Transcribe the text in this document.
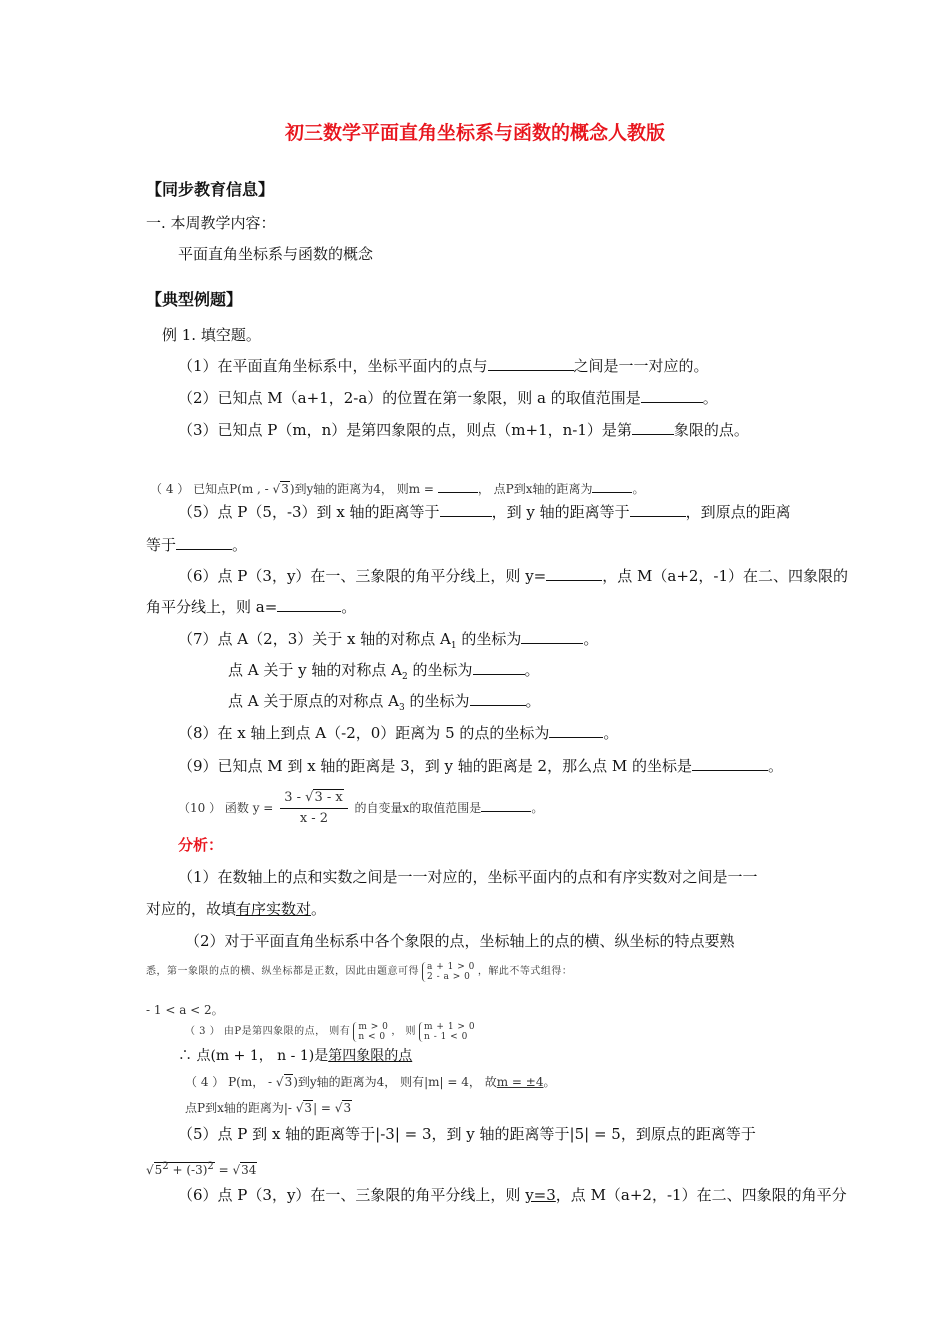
初三数学平面直角坐标系与函数的概念人教版
【同步教育信息】
一. 本周教学内容：
平面直角坐标系与函数的概念
【典型例题】
例 1. 填空题。
（1）在平面直角坐标系中，坐标平面内的点与	之间是一一对应的。
（2）已知点 M（a+1，2-a）的位置在第一象限，则 a 的取值范围是	。
（3）已知点 P（m，n）是第四象限的点，则点（m+1，n-1）是第	象限的点。
（ 4 ） 已知点P(m , - √3)到y轴的距离为4， 则m =	， 点P到x轴的距离为	。
（5）点 P（5，-3）到 x 轴的距离等于	，到 y 轴的距离等于	，到原点的距离
等于	。
（6）点 P（3，y）在一、三象限的角平分线上，则 y=	，点 M（a+2，-1）在二、四象限的
角平分线上，则 a=	。
（7）点 A（2，3）关于 x 轴的对称点 $A_1$ 的坐标为	。
点 A 关于 y 轴的对称点 $A_2$ 的坐标为	。
点 A 关于原点的对称点 $A_3$ 的坐标为	。
（8）在 x 轴上到点 A（-2，0）距离为 5 的点的坐标为	。
（9）已知点 M 到 x 轴的距离是 3，到 y 轴的距离是 2，那么点 M 的坐标是	。
（10 ） 函数 $y = \frac{3 - √3 - x}{x - 2}$ 的自变量x的取值范围是	。
分析：
（1）在数轴上的点和实数之间是一一对应的，坐标平面内的点和有序实数对之间是一一
对应的，故填有序实数对。
（2）对于平面直角坐标系中各个象限的点，坐标轴上的点的横、纵坐标的特点要熟
悉，第一象限的点的横、纵坐标都是正数，因此由题意可得 a + 1 > 0
2 - a > 0 ，解此不等式组得：
- 1 < a < 2。
（ 3 ） 由P是第四象限的点， 则有 m > 0
n < 0 ， 则 m + 1 > 0
n - 1 < 0
∴ 点(m + 1， n - 1)是第四象限的点
（ 4 ） P(m， - √3)到y轴的距离为4， 则有|m| = 4， 故m = ±4。
点P到x轴的距离为|- √3| = √3
（5）点 P 到 x 轴的距离等于|-3| = 3，到 y 轴的距离等于|5| = 5，到原点的距离等于
$√5^2 + (-3)^2 = √34$
（6）点 P（3，y）在一、三象限的角平分线上，则 y=3，点 M（a+2，-1）在二、四象限的角平分
